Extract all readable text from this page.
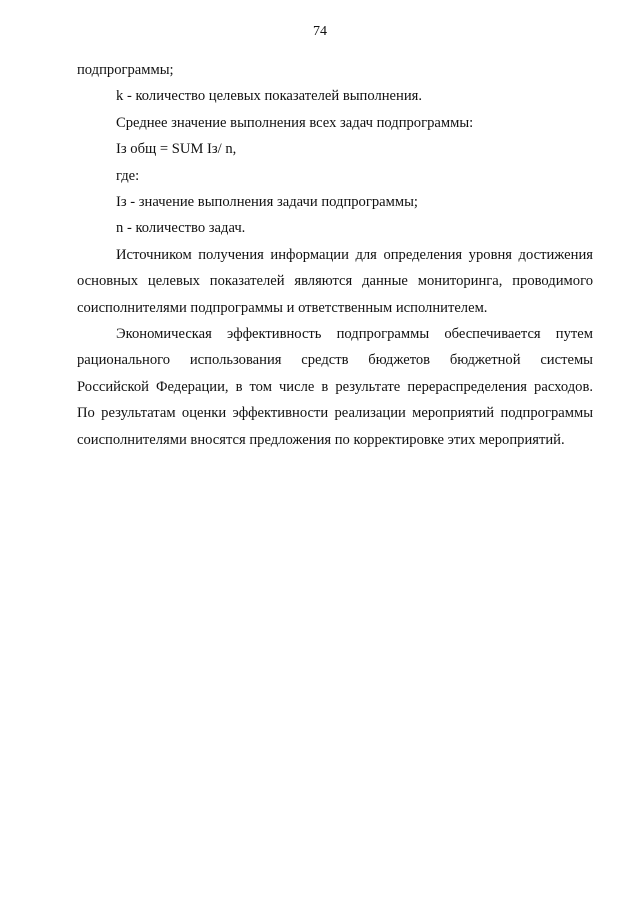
74

подпрограммы;

k - количество целевых показателей выполнения.

Среднее значение выполнения всех задач подпрограммы:

Iз общ = SUM Iз/ n,

где:

Iз - значение выполнения задачи подпрограммы;

n - количество задач.

Источником получения информации для определения уровня достижения
основных целевых показателей являются данные мониторинга, проводимого
соисполнителями подпрограммы и ответственным исполнителем.
Экономическая эффективность подпрограммы обеспечивается путем
рационального использования средств бюджетов бюджетной системы
Российской Федерации, в том числе в результате перераспределения расходов.
По результатам оценки эффективности реализации мероприятий подпрограммы
соисполнителями вносятся предложения по корректировке этих мероприятий.
